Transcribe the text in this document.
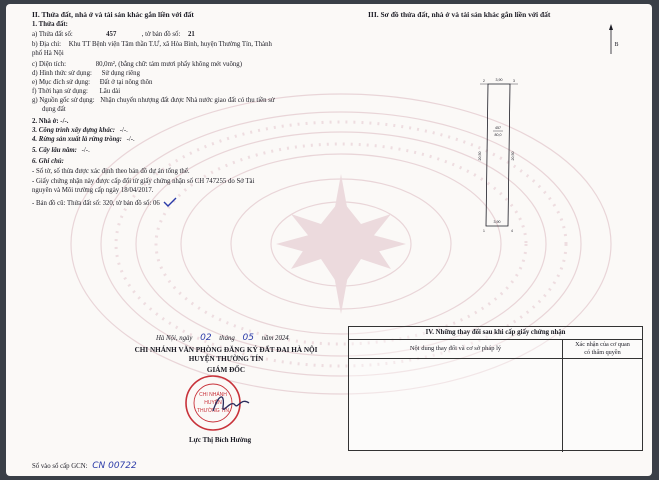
II. Thửa đất, nhà ở và tài sản khác gắn liền với đất
1. Thửa đất:
a) Thửa đất số:	457	, tờ bản đồ số: 21
b) Địa chỉ: Khu TT Bệnh viện Tâm thần T.Ư, xã Hòa Bình, huyện Thường Tín, Thành
phố Hà Nội
c) Diện tích:	80,0m², (bằng chữ: tám mươi phẩy không mét vuông)
d) Hình thức sử dụng: Sử dụng riêng
e) Mục đích sử dụng: Đất ở tại nông thôn
f) Thời hạn sử dụng: Lâu dài
g) Nguồn gốc sử dụng: Nhận chuyển nhượng đất được Nhà nước giao đất có thu tiền sử
dụng đất
2. Nhà ở: -/-.
3. Công trình xây dựng khác: -/-.
4. Rừng sản xuất là rừng trồng: -/-.
5. Cây lâu năm: -/-.
6. Ghi chú:
- Số tờ, số thửa được xác định theo bản đồ dự án tổng thể.
- Giấy chứng nhận này được cấp đổi từ giấy chứng nhận số CH 747255 do Sở Tài
nguyên và Môi trường cấp ngày 18/04/2017.
- Bản đồ cũ: Thửa đất số: 320, tờ bản đồ số: 06
Hà Nội, ngày 02 tháng 05 năm 2024
CHI NHÁNH VĂN PHÒNG ĐĂNG KÝ ĐẤT ĐAI HÀ NỘI
HUYỆN THƯỜNG TÍN
GIÁM ĐỐC
CHI NHÁNH
HUYỆN
THƯỜNG TÍN
Lực Thị Bích Hường
Số vào sổ cấp GCN: CN 00722
III. Sơ đồ thửa đất, nhà ở và tài sản khác gắn liền với đất
B
3,90
3,90
20,50	20,50
457
80,0
1
2	3
4
IV. Những thay đổi sau khi cấp giấy chứng nhận
Nội dung thay đổi và cơ sở pháp lý
Xác nhận của cơ quan
có thẩm quyền
